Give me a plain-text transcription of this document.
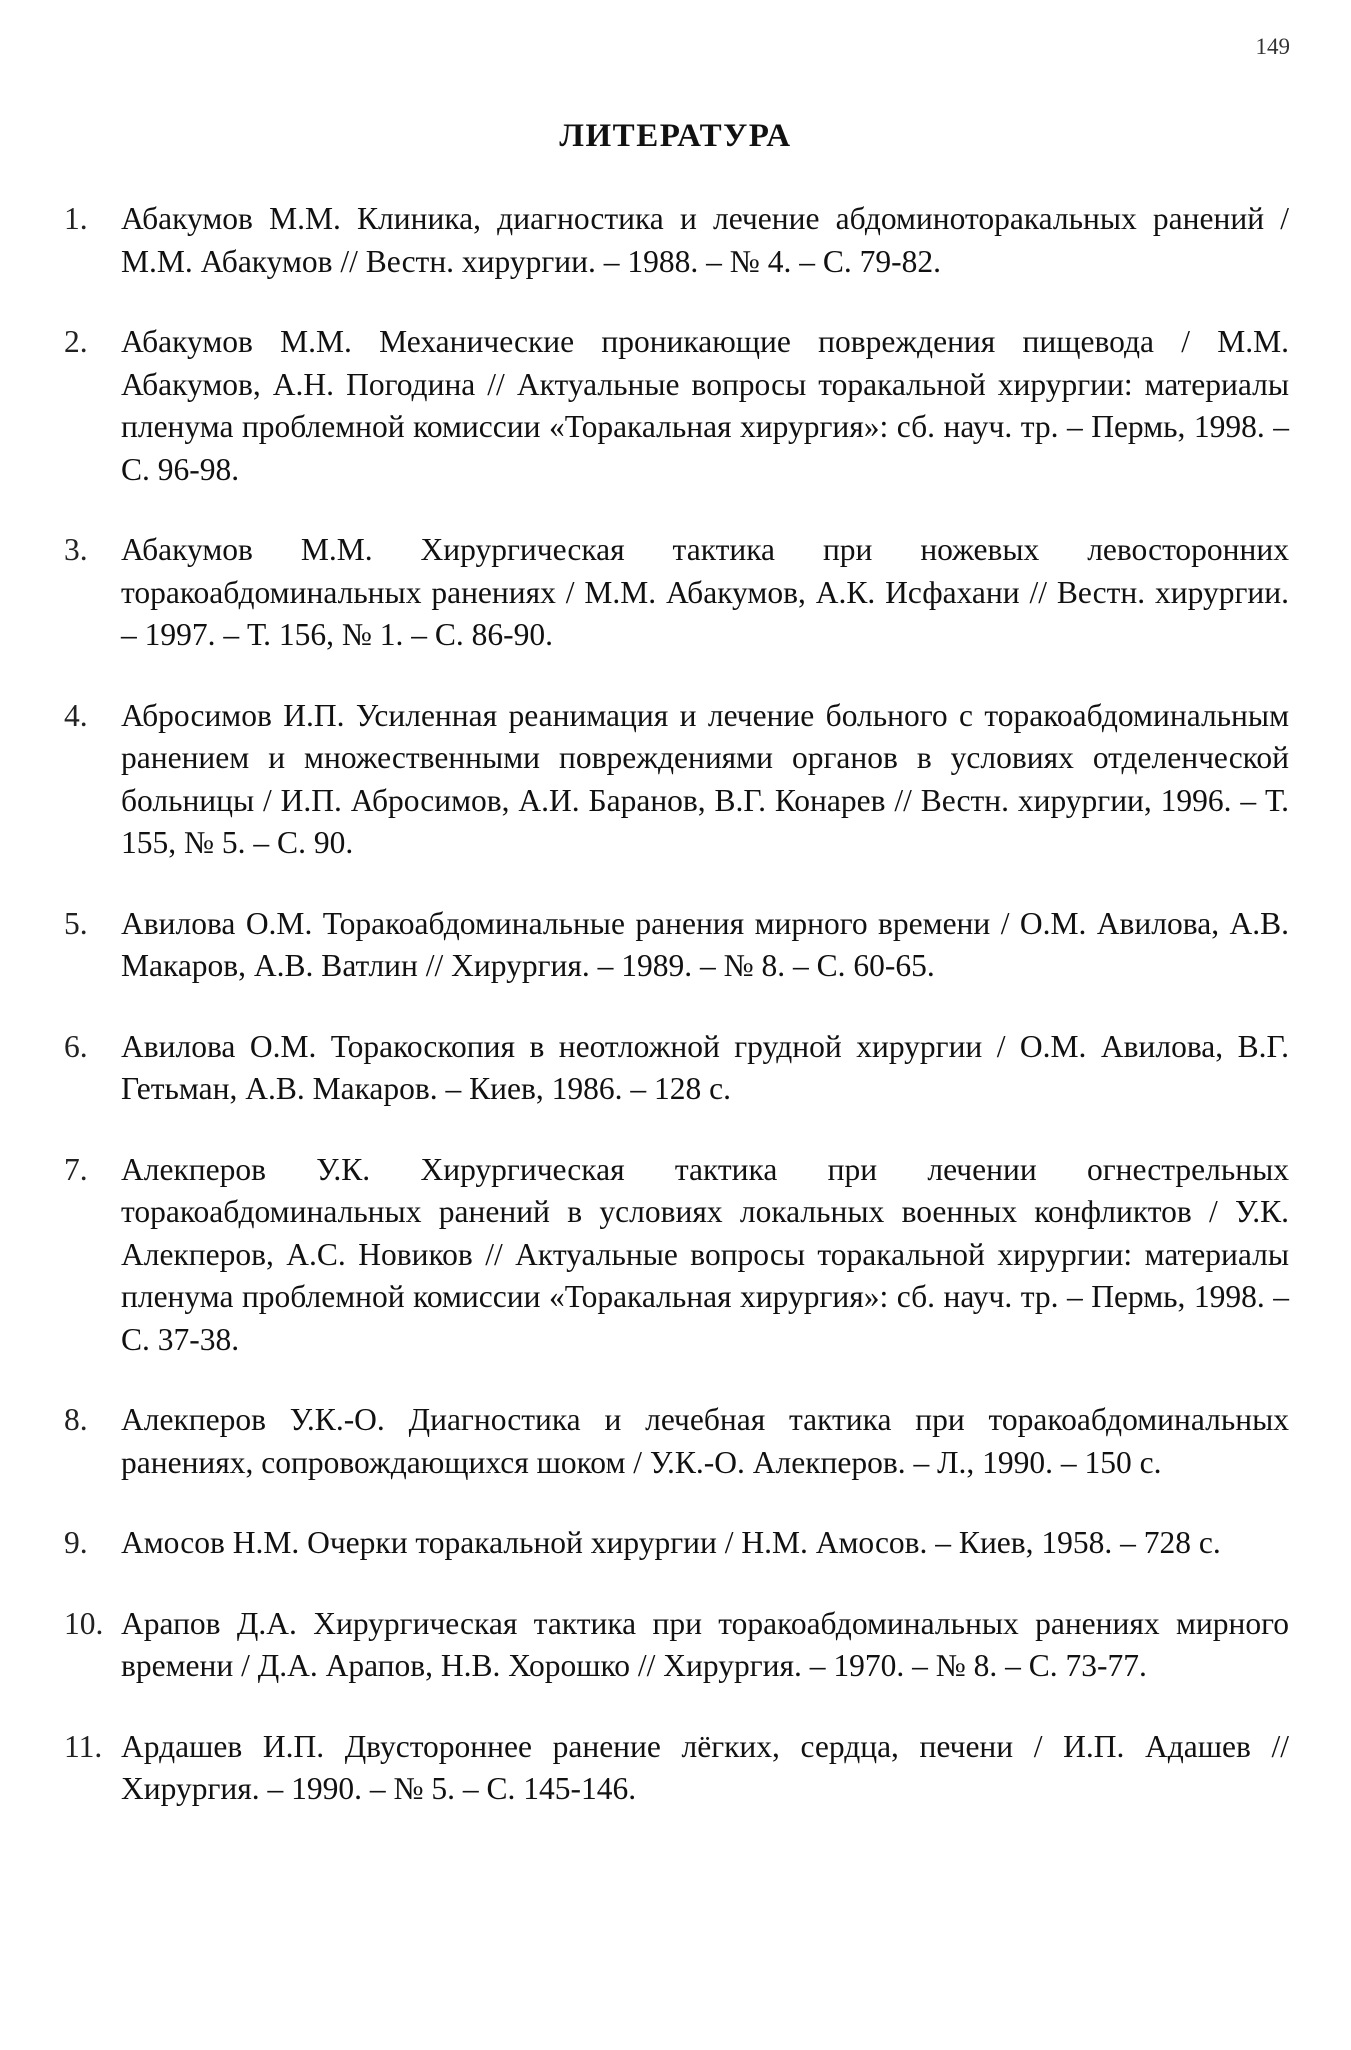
149
ЛИТЕРАТУРА
1. Абакумов М.М. Клиника, диагностика и лечение абдоминоторакальных ранений / М.М. Абакумов // Вестн. хирургии. – 1988. – № 4. – С. 79-82.
2. Абакумов М.М. Механические проникающие повреждения пищевода / М.М. Абакумов, А.Н. Погодина // Актуальные вопросы торакальной хирургии: материалы пленума проблемной комиссии «Торакальная хирургия»: сб. науч. тр. – Пермь, 1998. – С. 96-98.
3. Абакумов М.М. Хирургическая тактика при ножевых левосторонних торакоабдоминальных ранениях / М.М. Абакумов, А.К. Исфахани // Вестн. хирургии. – 1997. – Т. 156, № 1. – С. 86-90.
4. Абросимов И.П. Усиленная реанимация и лечение больного с торакоабдоминальным ранением и множественными повреждениями органов в условиях отделенческой больницы / И.П. Абросимов, А.И. Баранов, В.Г. Конарев // Вестн. хирургии, 1996. – Т. 155, № 5. – С. 90.
5. Авилова О.М. Торакоабдоминальные ранения мирного времени / О.М. Авилова, А.В. Макаров, А.В. Ватлин // Хирургия. – 1989. – № 8. – С. 60-65.
6. Авилова О.М. Торакоскопия в неотложной грудной хирургии / О.М. Авилова, В.Г. Гетьман, А.В. Макаров. – Киев, 1986. – 128 с.
7. Алекперов У.К. Хирургическая тактика при лечении огнестрельных торакоабдоминальных ранений в условиях локальных военных конфликтов / У.К. Алекперов, А.С. Новиков // Актуальные вопросы торакальной хирургии: материалы пленума проблемной комиссии «Торакальная хирургия»: сб. науч. тр. – Пермь, 1998. – С. 37-38.
8. Алекперов У.К.-О. Диагностика и лечебная тактика при торакоабдоминальных ранениях, сопровождающихся шоком / У.К.-О. Алекперов. – Л., 1990. – 150 с.
9. Амосов Н.М. Очерки торакальной хирургии / Н.М. Амосов. – Киев, 1958. – 728 с.
10. Арапов Д.А. Хирургическая тактика при торакоабдоминальных ранениях мирного времени / Д.А. Арапов, Н.В. Хорошко // Хирургия. – 1970. – № 8. – С. 73-77.
11. Ардашев И.П. Двустороннее ранение лёгких, сердца, печени / И.П. Адашев // Хирургия. – 1990. – № 5. – С. 145-146.
